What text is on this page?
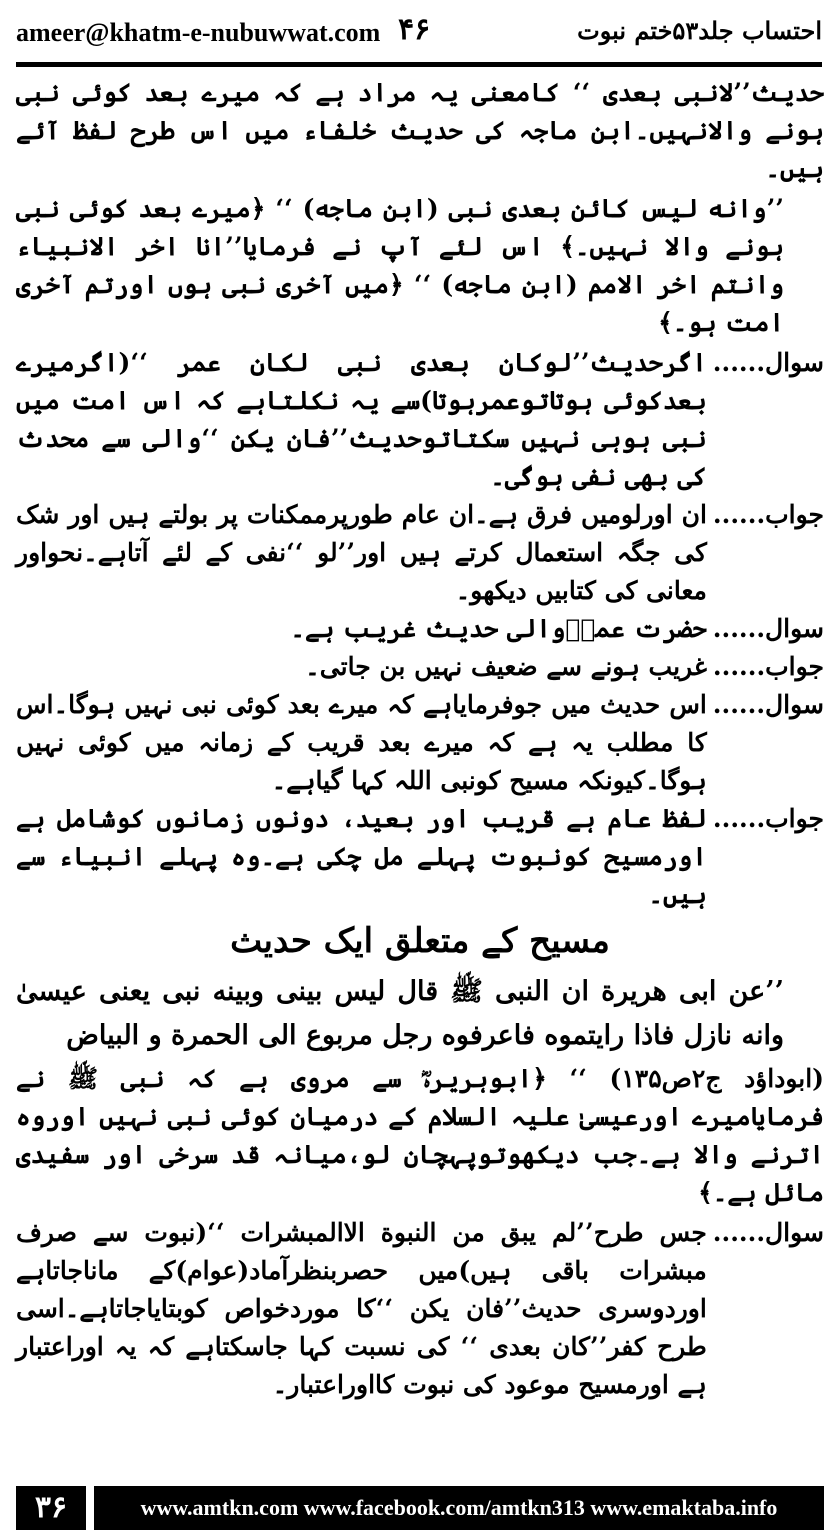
ameer@khatm-e-nubuwwat.com ۴۶	احتساب جلد۵۳ختم نبوت

حدیث’’لانبی بعدی ‘‘ کامعنی یہ مراد ہے کہ میرے بعد کوئی نبی ہونے والانہیں۔ابن ماجہ کی حدیث خلفاء میں اس طرح لفظ آئے ہیں۔

’’وانه ليس كائن بعدى نبى (ابن ماجه) ‘‘ ﴿میرے بعد کوئی نبی ہونے والا نہیں۔﴾ اس لئے آپ نے فرمایا’’انا اخر الانبياء وانتم اخر الامم (ابن ماجه) ‘‘ ﴿میں آخری نبی ہوں اورتم آخری امت ہو۔﴾

سوال......
اگرحدیث’’لوكان بعدى نبى لكان عمر ‘‘(اگرمیرے بعدکوئی ہوتاتوعمرہوتا)سے یہ نکلتاہے کہ اس امت میں نبی ہوہی نہیں سکتاتوحدیث’’فان يكن ‘‘والی سے محدث کی بھی نفی ہوگی۔
جواب......
ان اورلومیں فرق ہے۔ان عام طورپرممکنات پر بولتے ہیں اور شک کی جگہ استعمال کرتے ہیں اور’’لو ‘‘نفی کے لئے آتاہے۔نحواور معانی کی کتابیں دیکھو۔
سوال......
حضرت عمرؓوالی حدیث غریب ہے۔
جواب......
غریب ہونے سے ضعیف نہیں بن جاتی۔
سوال......
اس حدیث میں جوفرمایاہے کہ میرے بعد کوئی نبی نہیں ہوگا۔اس کا مطلب یہ ہے کہ میرے بعد قریب کے زمانہ میں کوئی نہیں ہوگا۔کیونکہ مسیح کونبی اللہ کہا گیاہے۔
جواب......
لفظ عام ہے قریب اور بعید، دونوں زمانوں کوشامل ہے اورمسیح کونبوت پہلے مل چکی ہے۔وہ پہلے انبیاء سے ہیں۔
مسیح کے متعلق ایک حدیث

’’عن ابى هريرة ان النبى ﷺ قال ليس بينى وبينه نبى يعنى عيسىٰ وانه نازل فاذا رايتموه فاعرفوه رجل مربوع الى الحمرة و البياض

(ابوداؤد ج۲ص۱۳۵) ‘‘ ﴿ابوہریرہؓ سے مروی ہے کہ نبی ﷺ نے فرمایامیرے اورعیسیٰ علیہ السلام کے درمیان کوئی نبی نہیں اوروہ اترنے والا ہے۔جب دیکھوتوپہچان لو،میانہ قد سرخی اور سفیدی مائل ہے۔﴾

سوال......
جس طرح’’لم يبق من النبوة الاالمبشرات ‘‘(نبوت سے صرف مبشرات باقی ہیں)میں حصربنظرآماد(عوام)کے ماناجاتاہے اوردوسری حدیث’’فان يكن ‘‘کا موردخواص کوبتایاجاتاہے۔اسی طرح کفر’’كان بعدى ‘‘ کی نسبت کہا جاسکتاہے کہ یہ اوراعتبار ہے اورمسیح موعود کی نبوت کااوراعتبار۔
۳۶	www.amtkn.com www.facebook.com/amtkn313 www.emaktaba.info
